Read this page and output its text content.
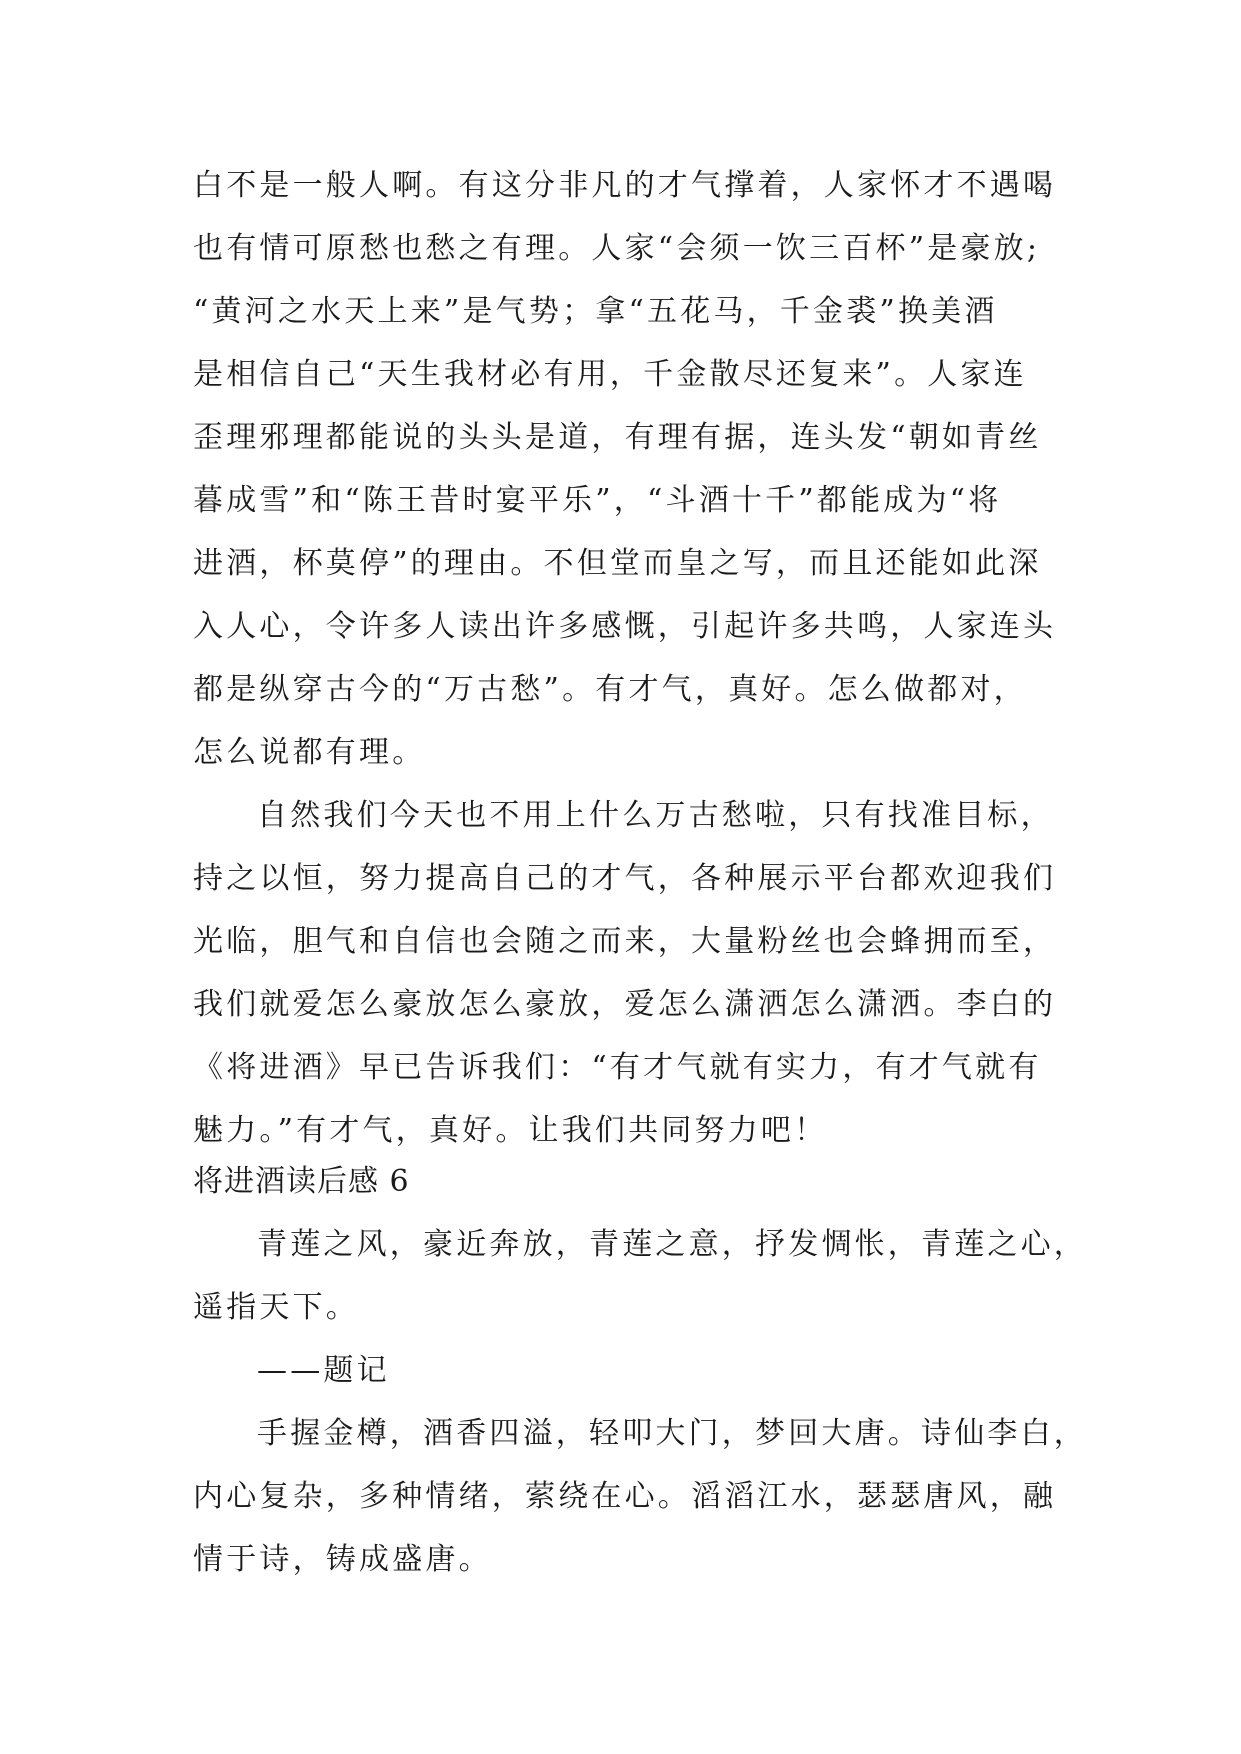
白不是一般人啊。有这分非凡的才气撑着，人家怀才不遇喝
也有情可原愁也愁之有理。人家“会须一饮三百杯”是豪放;
“黄河之水天上来”是气势；拿“五花马，千金裘”换美酒
是相信自己“天生我材必有用，千金散尽还复来”。人家连
歪理邪理都能说的头头是道，有理有据，连头发“朝如青丝
暮成雪”和“陈王昔时宴平乐”，“斗酒十千”都能成为“将
进酒，杯莫停”的理由。不但堂而皇之写，而且还能如此深
入人心，令许多人读出许多感慨，引起许多共鸣，人家连头
都是纵穿古今的“万古愁”。有才气，真好。怎么做都对，
怎么说都有理。
自然我们今天也不用上什么万古愁啦，只有找准目标，
持之以恒，努力提高自己的才气，各种展示平台都欢迎我们
光临，胆气和自信也会随之而来，大量粉丝也会蜂拥而至，
我们就爱怎么豪放怎么豪放，爱怎么潇洒怎么潇洒。李白的
《将进酒》早已告诉我们：“有才气就有实力，有才气就有
魅力。”有才气，真好。让我们共同努力吧！
将进酒读后感 6
青莲之风，豪近奔放，青莲之意，抒发惆怅，青莲之心，
遥指天下。
——题记
手握金樽，酒香四溢，轻叩大门，梦回大唐。诗仙李白，
内心复杂，多种情绪，萦绕在心。滔滔江水，瑟瑟唐风，融
情于诗，铸成盛唐。
